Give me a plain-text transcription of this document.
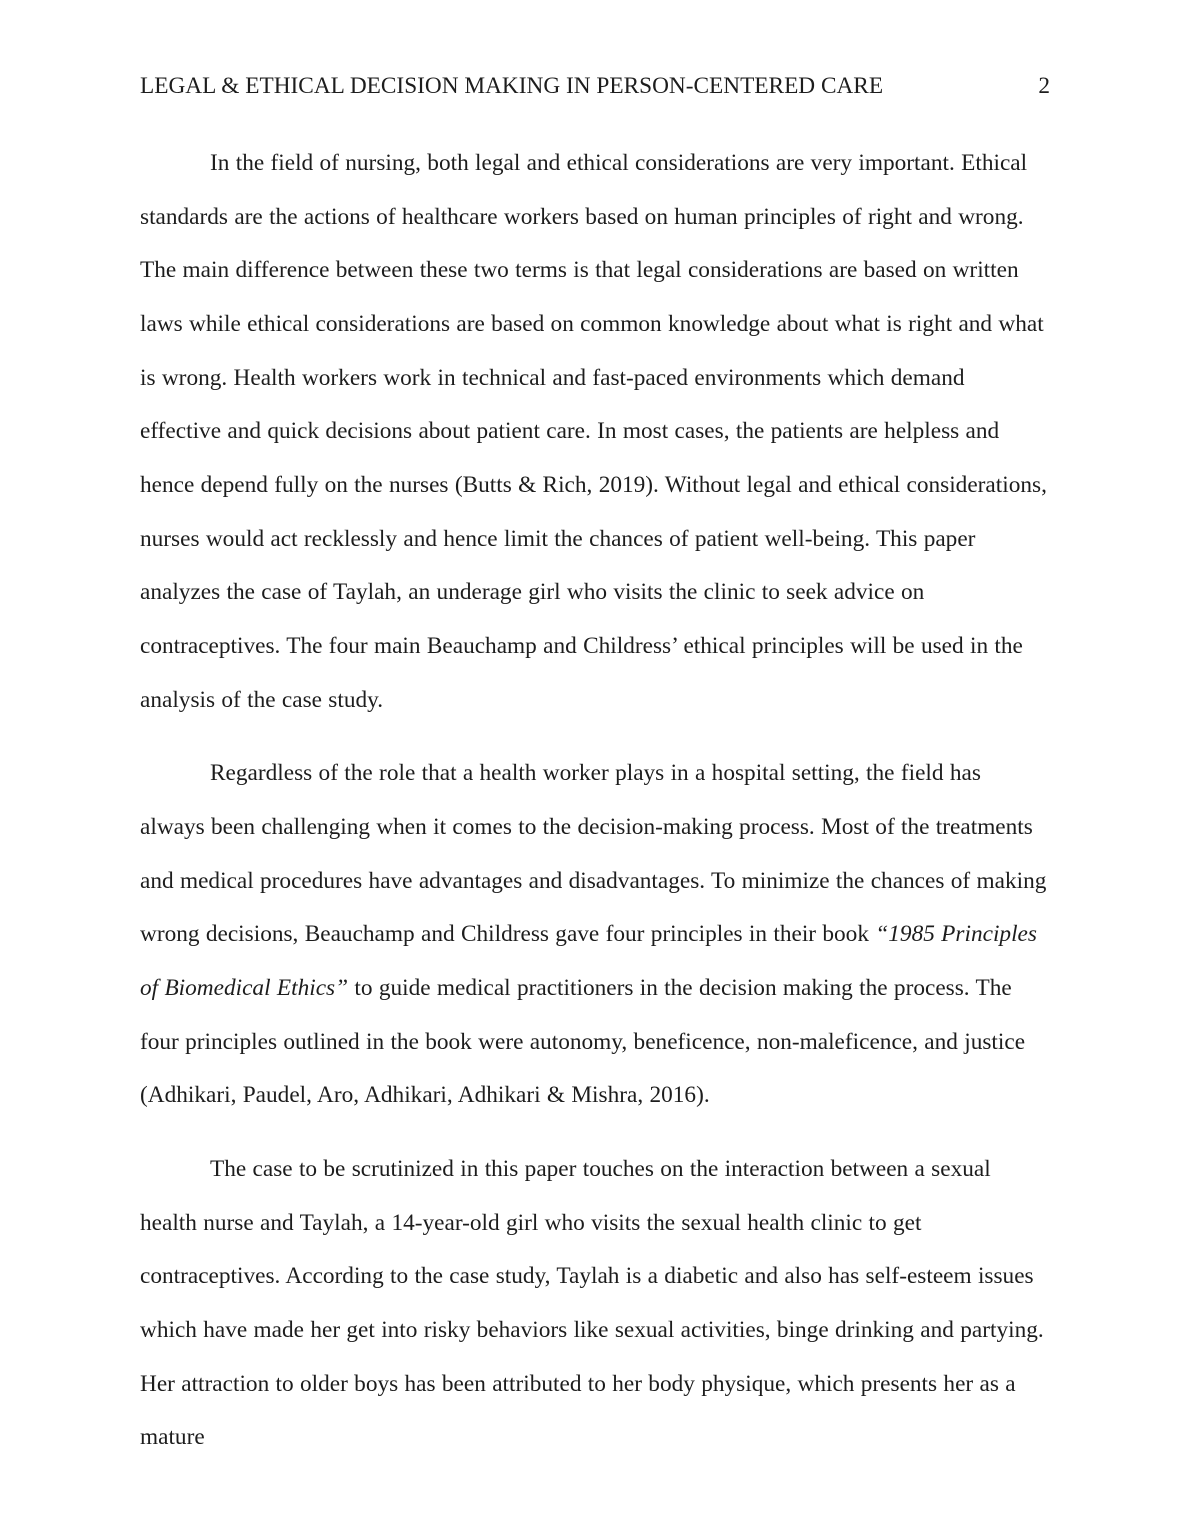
LEGAL & ETHICAL DECISION MAKING IN PERSON-CENTERED CARE	2

In the field of nursing, both legal and ethical considerations are very important. Ethical standards are the actions of healthcare workers based on human principles of right and wrong. The main difference between these two terms is that legal considerations are based on written laws while ethical considerations are based on common knowledge about what is right and what is wrong. Health workers work in technical and fast-paced environments which demand effective and quick decisions about patient care. In most cases, the patients are helpless and hence depend fully on the nurses (Butts & Rich, 2019). Without legal and ethical considerations, nurses would act recklessly and hence limit the chances of patient well-being. This paper analyzes the case of Taylah, an underage girl who visits the clinic to seek advice on contraceptives. The four main Beauchamp and Childress’ ethical principles will be used in the analysis of the case study.

Regardless of the role that a health worker plays in a hospital setting, the field has always been challenging when it comes to the decision-making process. Most of the treatments and medical procedures have advantages and disadvantages. To minimize the chances of making wrong decisions, Beauchamp and Childress gave four principles in their book “1985 Principles of Biomedical Ethics” to guide medical practitioners in the decision making the process. The four principles outlined in the book were autonomy, beneficence, non-maleficence, and justice (Adhikari, Paudel, Aro, Adhikari, Adhikari & Mishra, 2016).

The case to be scrutinized in this paper touches on the interaction between a sexual health nurse and Taylah, a 14-year-old girl who visits the sexual health clinic to get contraceptives. According to the case study, Taylah is a diabetic and also has self-esteem issues which have made her get into risky behaviors like sexual activities, binge drinking and partying. Her attraction to older boys has been attributed to her body physique, which presents her as a mature
